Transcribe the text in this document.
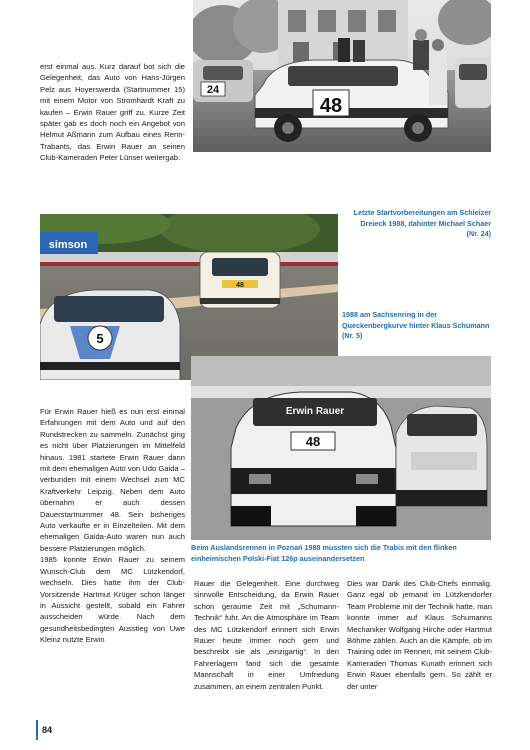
erst einmal aus. Kurz darauf bot sich die Gelegenheit, das Auto von Hans-Jürgen Pelz aus Hoyerswerda (Startnummer 15) mit einem Motor von Stromhardt Kraft zu kaufen – Erwin Rauer griff zu. Kurze Zeit später gab es doch noch ein Angebot von Helmut Aßmann zum Aufbau eines Renn-Trabants, das Erwin Rauer an seinen Club-Kameraden Peter Lünser weitergab.

24
48
Letzte Startvorbereitungen am Schleizer Dreieck 1988, dahinter Michael Schaer (Nr. 24)
simson
48
5
1988 am Sachsenring in der Queckenbergkurve hinter Klaus Schumann (Nr. 5)
Erwin Rauer
48
Beim Auslandsrennen in Poznań 1988 mussten sich die Trabis mit den flinken einheimischen Polski-Fiat 126p auseinandersetzen

Für Erwin Rauer hieß es nun erst einmal Erfahrungen mit dem Auto und auf den Rundstrecken zu sammeln. Zunächst ging es nicht über Platzierungen im Mittelfeld hinaus. 1981 startete Erwin Rauer dann mit dem ehemaligen Auto von Udo Gaida – verbunden mit einem Wechsel zum MC Kraftverkehr Leipzig. Neben dem Auto übernahm er auch dessen Dauerstartnummer 48. Sein bisheriges Auto verkaufte er in Einzelteilen. Mit dem ehemaligen Gaida-Auto waren nun auch bessere Platzierungen möglich.

1985 konnte Erwin Rauer zu seinem Wunsch-Club dem MC Lützkendorf, wechseln. Dies hatte ihm der Club-Vorsitzende Hartmut Krüger schon länger in Aussicht gestellt, sobald ein Fahrer ausscheiden würde. Nach dem gesundheitsbedingten Ausstieg von Uwe Kleinz nutzte Erwin

Rauer die Gelegenheit. Eine durchweg sinnvolle Entscheidung, da Erwin Rauer schon geraume Zeit mit „Schumann-Technik“ fuhr. An die Atmosphäre im Team des MC Lützkendorf erinnert sich Erwin Rauer heute immer noch gern und beschreibt sie als „einzigartig“. In den Fahrerlagern fand sich die gesamte Mannschaft in einer Umfriedung zusammen, an einem zentralen Punkt.

Dies war Dank des Club-Chefs einmalig. Ganz egal ob jemand im Lützkendorfer Team Probleme mit der Technik hatte, man konnte immer auf Klaus Schumanns Mechaniker Wolfgang Hirche oder Hartmut Böhme zählen. Auch an die Kämpfe, ob im Training oder im Rennen, mit seinem Club-Kameraden Thomas Kunath erinnert sich Erwin Rauer ebenfalls gern. So zählt er der unter

84
